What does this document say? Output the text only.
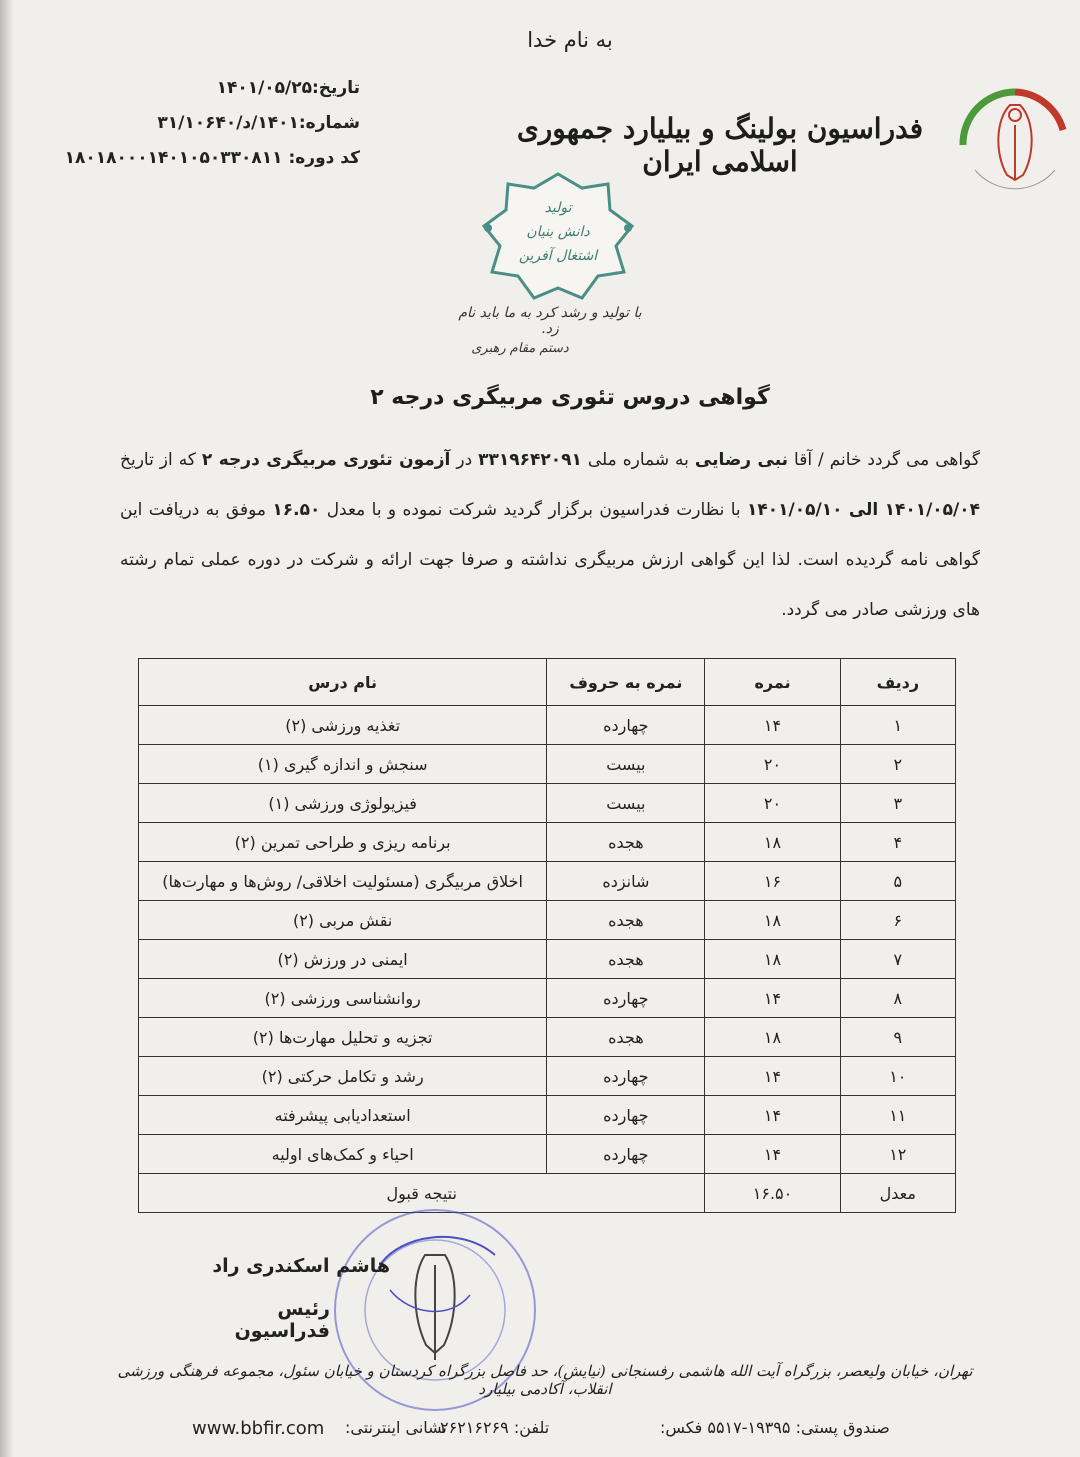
به نام خدا
تاریخ:۱۴۰۱/۰۵/۲۵
شماره:۱۴۰۱/د/۳۱/۱۰۶۴۰
کد دوره: ۱۸۰۱۸۰۰۰۱۴۰۱۰۵۰۳۳۰۸۱۱
فدراسیون بولینگ و بیلیارد جمهوری اسلامی ایران
تولید
دانش بنیان
اشتغال آفرین
با تولید و رشد کرد به ما باید نام زد.
دستم مقام رهبری
گواهی دروس تئوری مربیگری درجه ۲
گواهی می گردد خانم / آقا نبی رضایی به شماره ملی ۳۳۱۹۶۴۲۰۹۱ در آزمون تئوری مربیگری درجه ۲ که از تاریخ ۱۴۰۱/۰۵/۰۴ الی ۱۴۰۱/۰۵/۱۰ با نظارت فدراسیون برگزار گردید شرکت نموده و با معدل ۱۶.۵۰ موفق به دریافت این گواهی نامه گردیده است. لذا این گواهی ارزش مربیگری نداشته و صرفا جهت ارائه و شرکت در دوره عملی تمام رشته های ورزشی صادر می گردد.
ردیف	نمره	نمره به حروف	نام درس
۱	۱۴	چهارده	تغذیه ورزشی (۲)
۲	۲۰	بیست	سنجش و اندازه گیری (۱)
۳	۲۰	بیست	فیزیولوژی ورزشی (۱)
۴	۱۸	هجده	برنامه ریزی و طراحی تمرین (۲)
۵	۱۶	شانزده	اخلاق مربیگری (مسئولیت اخلاقی/ روش‌ها و مهارت‌ها)
۶	۱۸	هجده	نقش مربی (۲)
۷	۱۸	هجده	ایمنی در ورزش (۲)
۸	۱۴	چهارده	روانشناسی ورزشی (۲)
۹	۱۸	هجده	تجزیه و تحلیل مهارت‌ها (۲)
۱۰	۱۴	چهارده	رشد و تکامل حرکتی (۲)
۱۱	۱۴	چهارده	استعدادیابی پیشرفته
۱۲	۱۴	چهارده	احیاء و کمک‌های اولیه
معدل	۱۶.۵۰	نتیجه قبول	
هاشم اسکندری راد
رئیس فدراسیون
تهران، خیابان ولیعصر، بزرگراه آیت الله هاشمی رفسنجانی (نیایش)، حد فاصل بزرگراه کردستان و خیابان سئول، مجموعه فرهنگی ورزشی انقلاب، آکادمی بیلیارد
صندوق پستی: ۱۹۳۹۵-۵۵۱۷ فکس:
تلفن: ۲۶۲۱۶۲۶۹
نشانی اینترنتی:
www.bbfir.com
